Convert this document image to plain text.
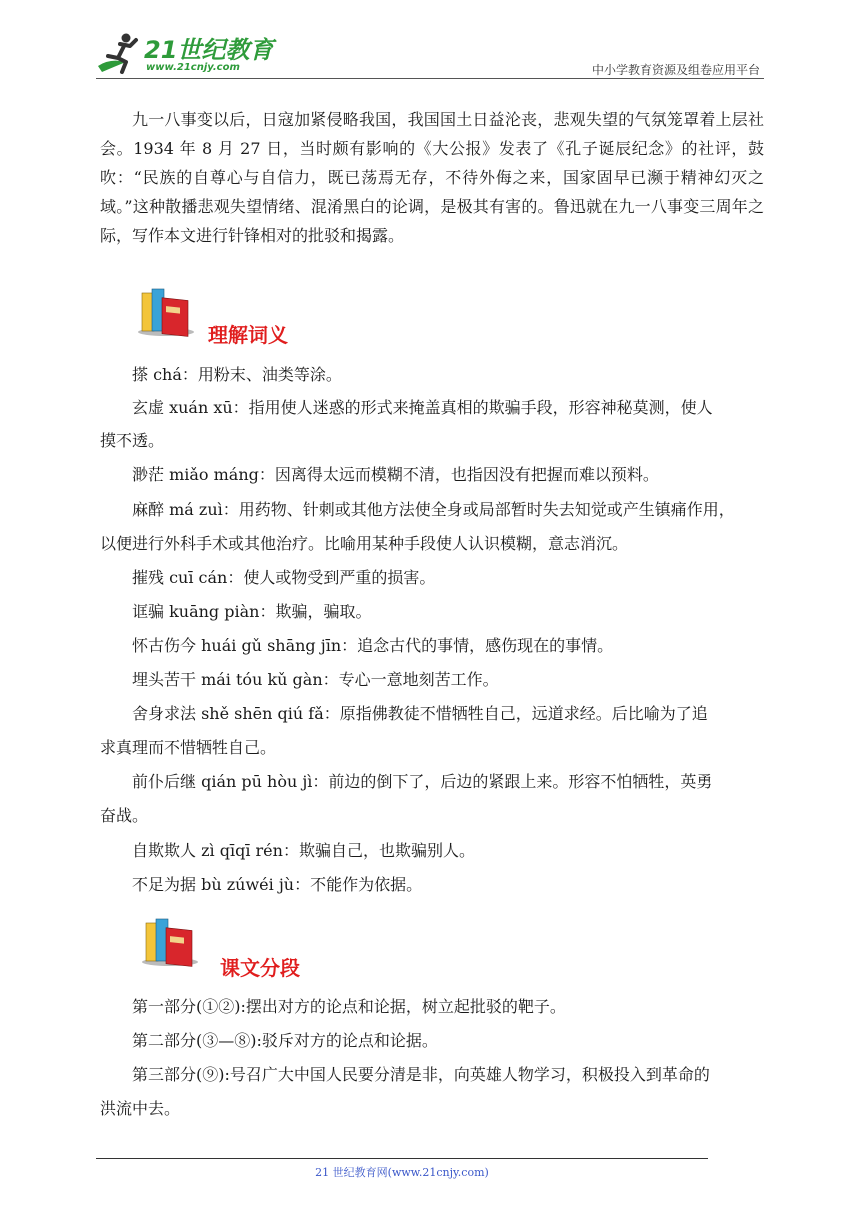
21世纪教育
www.21cnjy.com	中小学教育资源及组卷应用平台

九一八事变以后，日寇加紧侵略我国，我国国土日益沦丧，悲观失望的气氛笼罩着上层社会。1934 年 8 月 27 日，当时颇有影响的《大公报》发表了《孔子诞辰纪念》的社评，鼓吹：“民族的自尊心与自信力，既已荡焉无存，不待外侮之来，国家固早已濒于精神幻灭之域。”这种散播悲观失望情绪、混淆黑白的论调，是极其有害的。鲁迅就在九一八事变三周年之际，写作本文进行针锋相对的批驳和揭露。

理解词义

搽 chá：用粉末、油类等涂。

玄虚 xuán xū：指用使人迷惑的形式来掩盖真相的欺骗手段，形容神秘莫测，使人

摸不透。

渺茫 miǎo máng：因离得太远而模糊不清，也指因没有把握而难以预料。

麻醉 má zuì：用药物、针刺或其他方法使全身或局部暂时失去知觉或产生镇痛作用，

以便进行外科手术或其他治疗。比喻用某种手段使人认识模糊，意志消沉。

摧残 cuī cán：使人或物受到严重的损害。

诓骗 kuāng piàn：欺骗，骗取。

怀古伤今 huái gǔ shāng jīn：追念古代的事情，感伤现在的事情。

埋头苦干 mái tóu kǔ gàn：专心一意地刻苦工作。

舍身求法 shě shēn qiú fǎ：原指佛教徒不惜牺牲自己，远道求经。后比喻为了追

求真理而不惜牺牲自己。

前仆后继 qián pū hòu jì：前边的倒下了，后边的紧跟上来。形容不怕牺牲，英勇

奋战。

自欺欺人 zì qīqī rén：欺骗自己，也欺骗别人。

不足为据 bù zúwéi jù：不能作为依据。

课文分段

第一部分(①②):摆出对方的论点和论据，树立起批驳的靶子。

第二部分(③—⑧):驳斥对方的论点和论据。

第三部分(⑨):号召广大中国人民要分清是非，向英雄人物学习，积极投入到革命的

洪流中去。

21 世纪教育网(www.21cnjy.com)
